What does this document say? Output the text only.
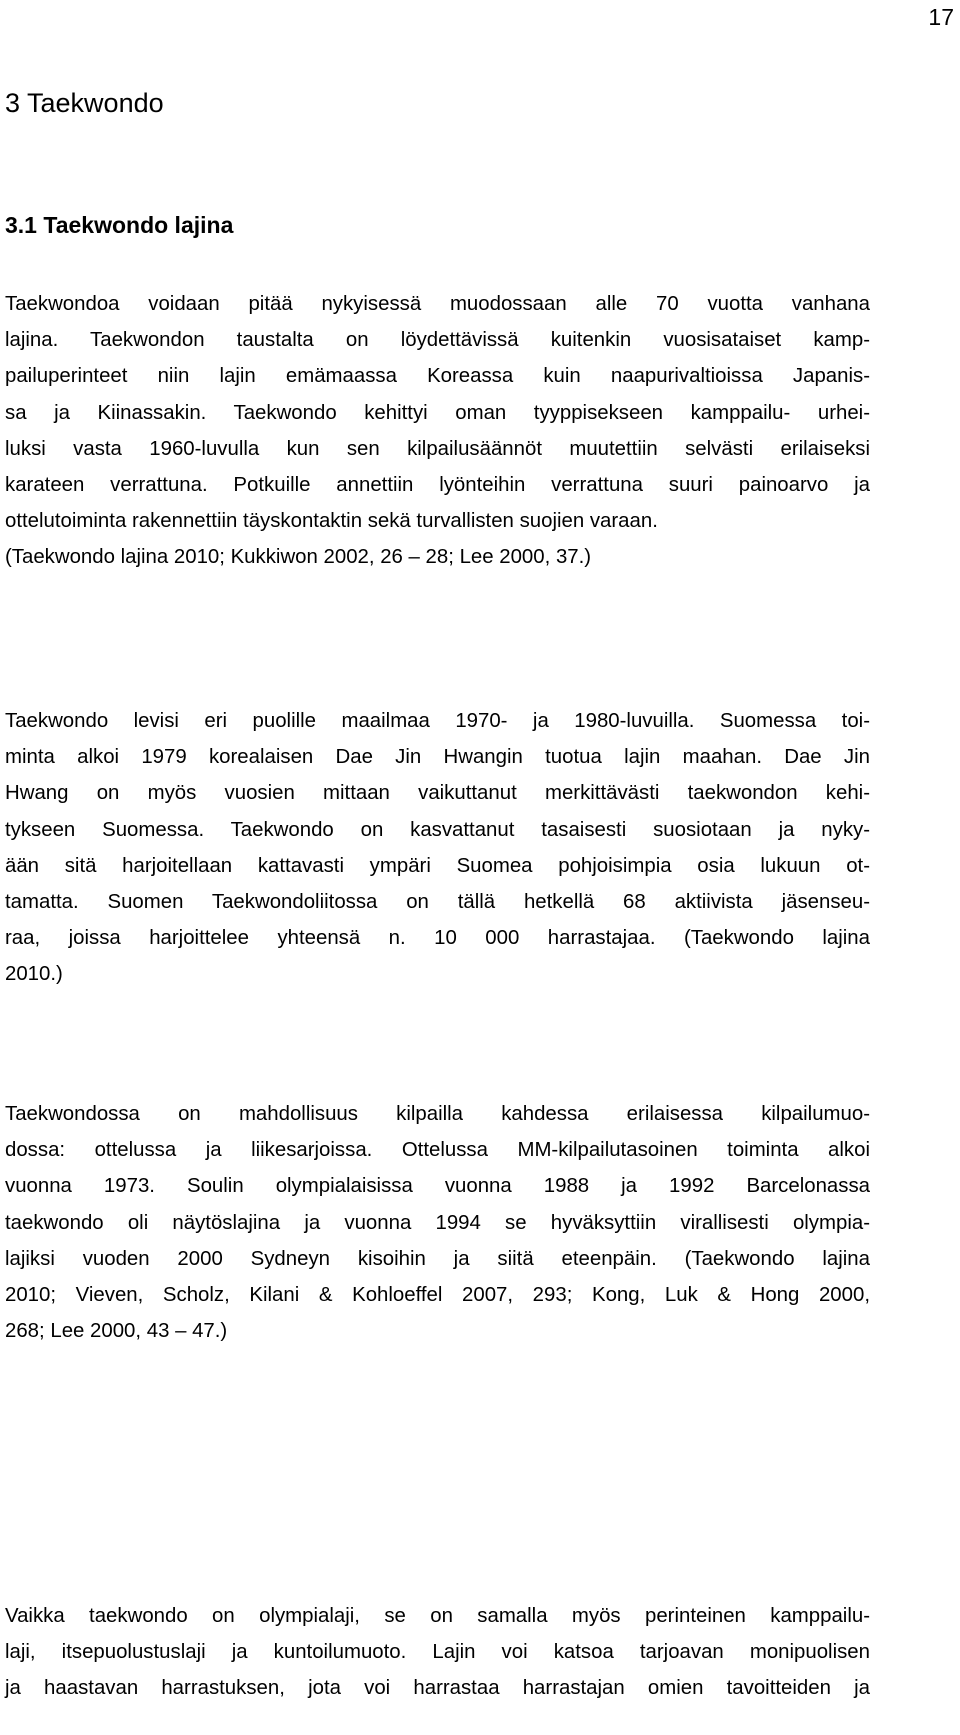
17
3 Taekwondo
3.1 Taekwondo lajina
Taekwondoa voidaan pitää nykyisessä muodossaan alle 70 vuotta vanhana
lajina. Taekwondon taustalta on löydettävissä kuitenkin vuosisataiset kamp-
pailuperinteet niin lajin emämaassa Koreassa kuin naapurivaltioissa Japanis-
sa ja Kiinassakin. Taekwondo kehittyi oman tyyppisekseen kamppailu- urhei-
luksi vasta 1960-luvulla kun sen kilpailusäännöt muutettiin selvästi erilaiseksi
karateen verrattuna. Potkuille annettiin lyönteihin verrattuna suuri painoarvo ja
ottelutoiminta rakennettiin täyskontaktin sekä turvallisten suojien varaan.
(Taekwondo lajina 2010; Kukkiwon 2002, 26 – 28; Lee 2000, 37.)
Taekwondo levisi eri puolille maailmaa 1970- ja 1980-luvuilla. Suomessa toi-
minta alkoi 1979 korealaisen Dae Jin Hwangin tuotua lajin maahan. Dae Jin
Hwang on myös vuosien mittaan vaikuttanut merkittävästi taekwondon kehi-
tykseen Suomessa. Taekwondo on kasvattanut tasaisesti suosiotaan ja nyky-
ään sitä harjoitellaan kattavasti ympäri Suomea pohjoisimpia osia lukuun ot-
tamatta. Suomen Taekwondoliitossa on tällä hetkellä 68 aktiivista jäsenseu-
raa, joissa harjoittelee yhteensä n. 10 000 harrastajaa. (Taekwondo lajina
2010.)
Taekwondossa on mahdollisuus kilpailla kahdessa erilaisessa kilpailumuo-
dossa: ottelussa ja liikesarjoissa. Ottelussa MM-kilpailutasoinen toiminta alkoi
vuonna 1973. Soulin olympialaisissa vuonna 1988 ja 1992 Barcelonassa
taekwondo oli näytöslajina ja vuonna 1994 se hyväksyttiin virallisesti olympia-
lajiksi vuoden 2000 Sydneyn kisoihin ja siitä eteenpäin. (Taekwondo lajina
2010; Vieven, Scholz, Kilani & Kohloeffel 2007, 293; Kong, Luk & Hong 2000,
268; Lee 2000, 43 – 47.)
Vaikka taekwondo on olympialaji, se on samalla myös perinteinen kamppailu-
laji, itsepuolustuslaji ja kuntoilumuoto. Lajin voi katsoa tarjoavan monipuolisen
ja haastavan harrastuksen, jota voi harrastaa harrastajan omien tavoitteiden ja
